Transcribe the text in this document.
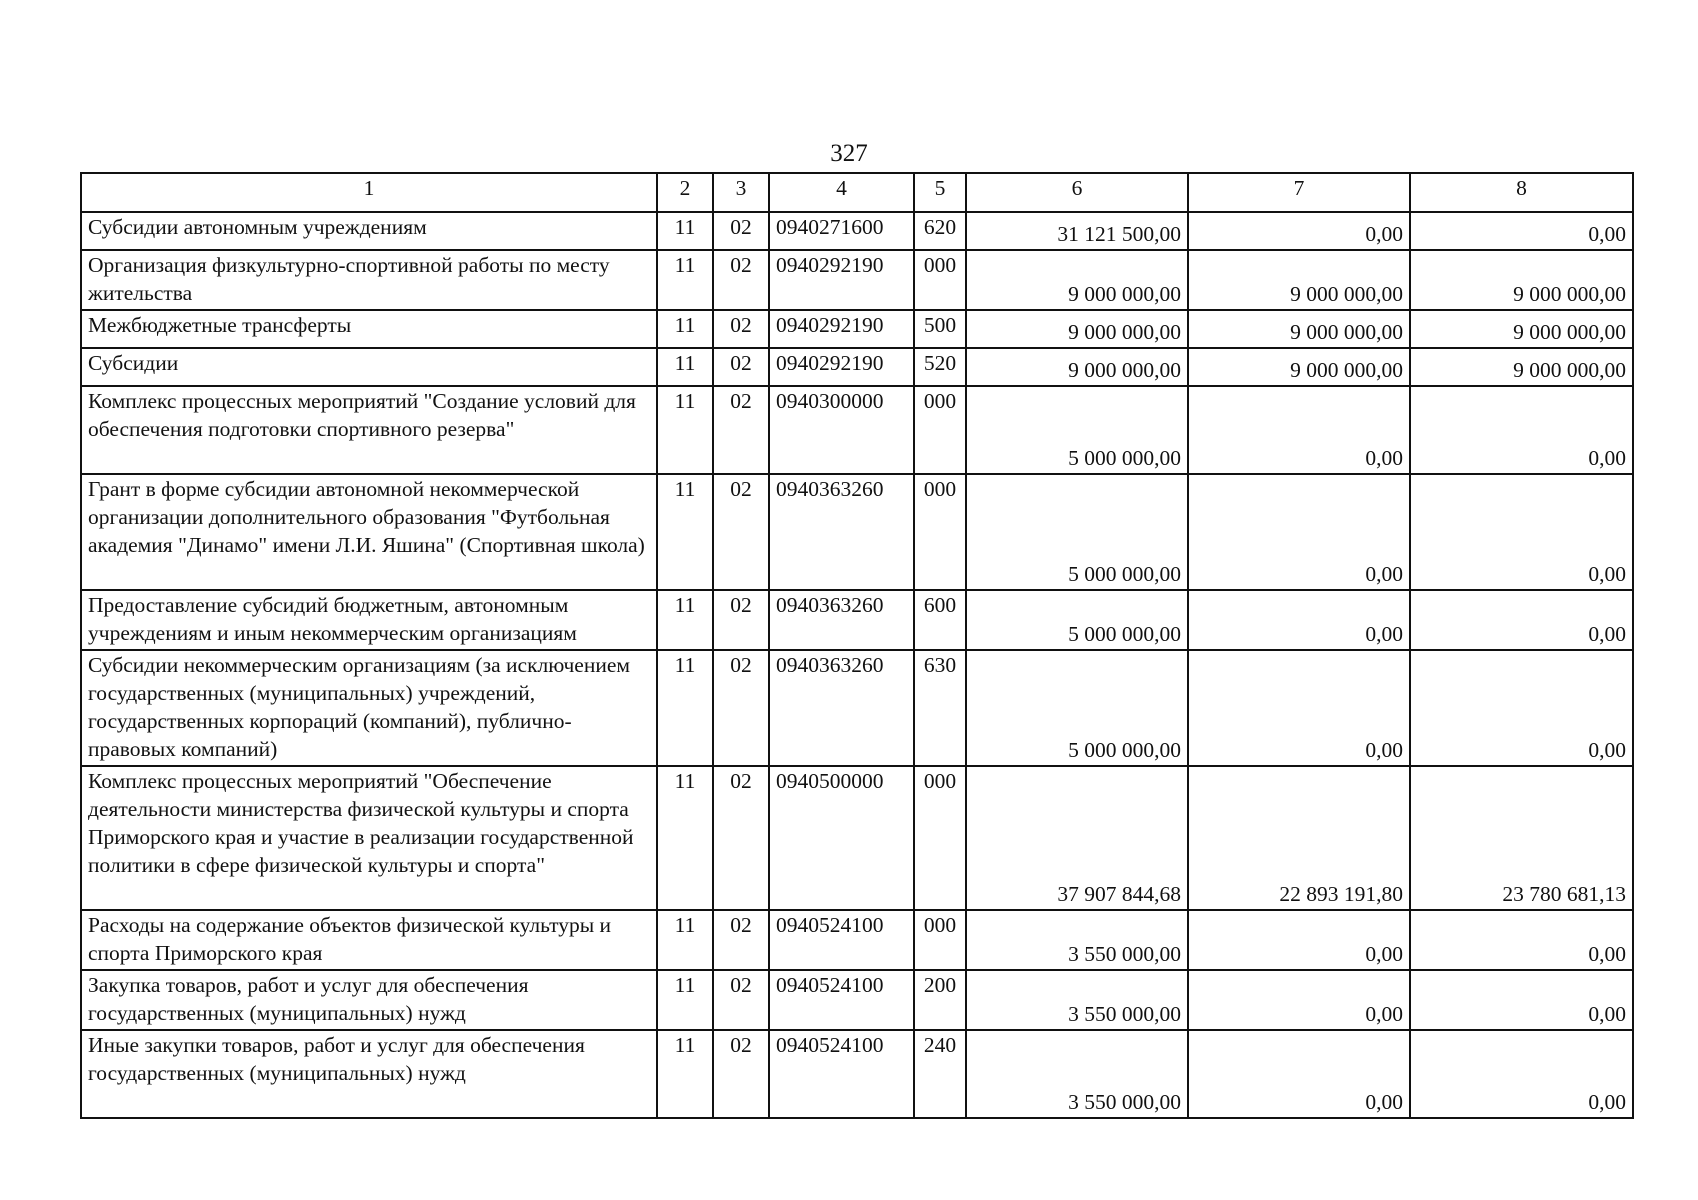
327
1	2	3	4	5	6	7	8
Субсидии автономным учреждениям	11	02	0940271600	620	31 121 500,00	0,00	0,00
Организация физкультурно-спортивной работы по месту жительства	11	02	0940292190	000	9 000 000,00	9 000 000,00	9 000 000,00
Межбюджетные трансферты	11	02	0940292190	500	9 000 000,00	9 000 000,00	9 000 000,00
Субсидии	11	02	0940292190	520	9 000 000,00	9 000 000,00	9 000 000,00
Комплекс процессных мероприятий "Создание условий для обеспечения подготовки спортивного резерва"	11	02	0940300000	000	5 000 000,00	0,00	0,00
Грант в форме субсидии автономной некоммерческой организации дополнительного образования "Футбольная академия "Динамо" имени Л.И. Яшина" (Спортивная школа)	11	02	0940363260	000	5 000 000,00	0,00	0,00
Предоставление субсидий бюджетным, автономным учреждениям и иным некоммерческим организациям	11	02	0940363260	600	5 000 000,00	0,00	0,00
Субсидии некоммерческим организациям (за исключением государственных (муниципальных) учреждений, государственных корпораций (компаний), публично-правовых компаний)	11	02	0940363260	630	5 000 000,00	0,00	0,00
Комплекс процессных мероприятий "Обеспечение деятельности министерства физической культуры и спорта Приморского края и участие в реализации государственной политики в сфере физической культуры и спорта"	11	02	0940500000	000	37 907 844,68	22 893 191,80	23 780 681,13
Расходы на содержание объектов физической культуры и спорта Приморского края	11	02	0940524100	000	3 550 000,00	0,00	0,00
Закупка товаров, работ и услуг для обеспечения государственных (муниципальных) нужд	11	02	0940524100	200	3 550 000,00	0,00	0,00
Иные закупки товаров, работ и услуг для обеспечения государственных (муниципальных) нужд	11	02	0940524100	240	3 550 000,00	0,00	0,00
